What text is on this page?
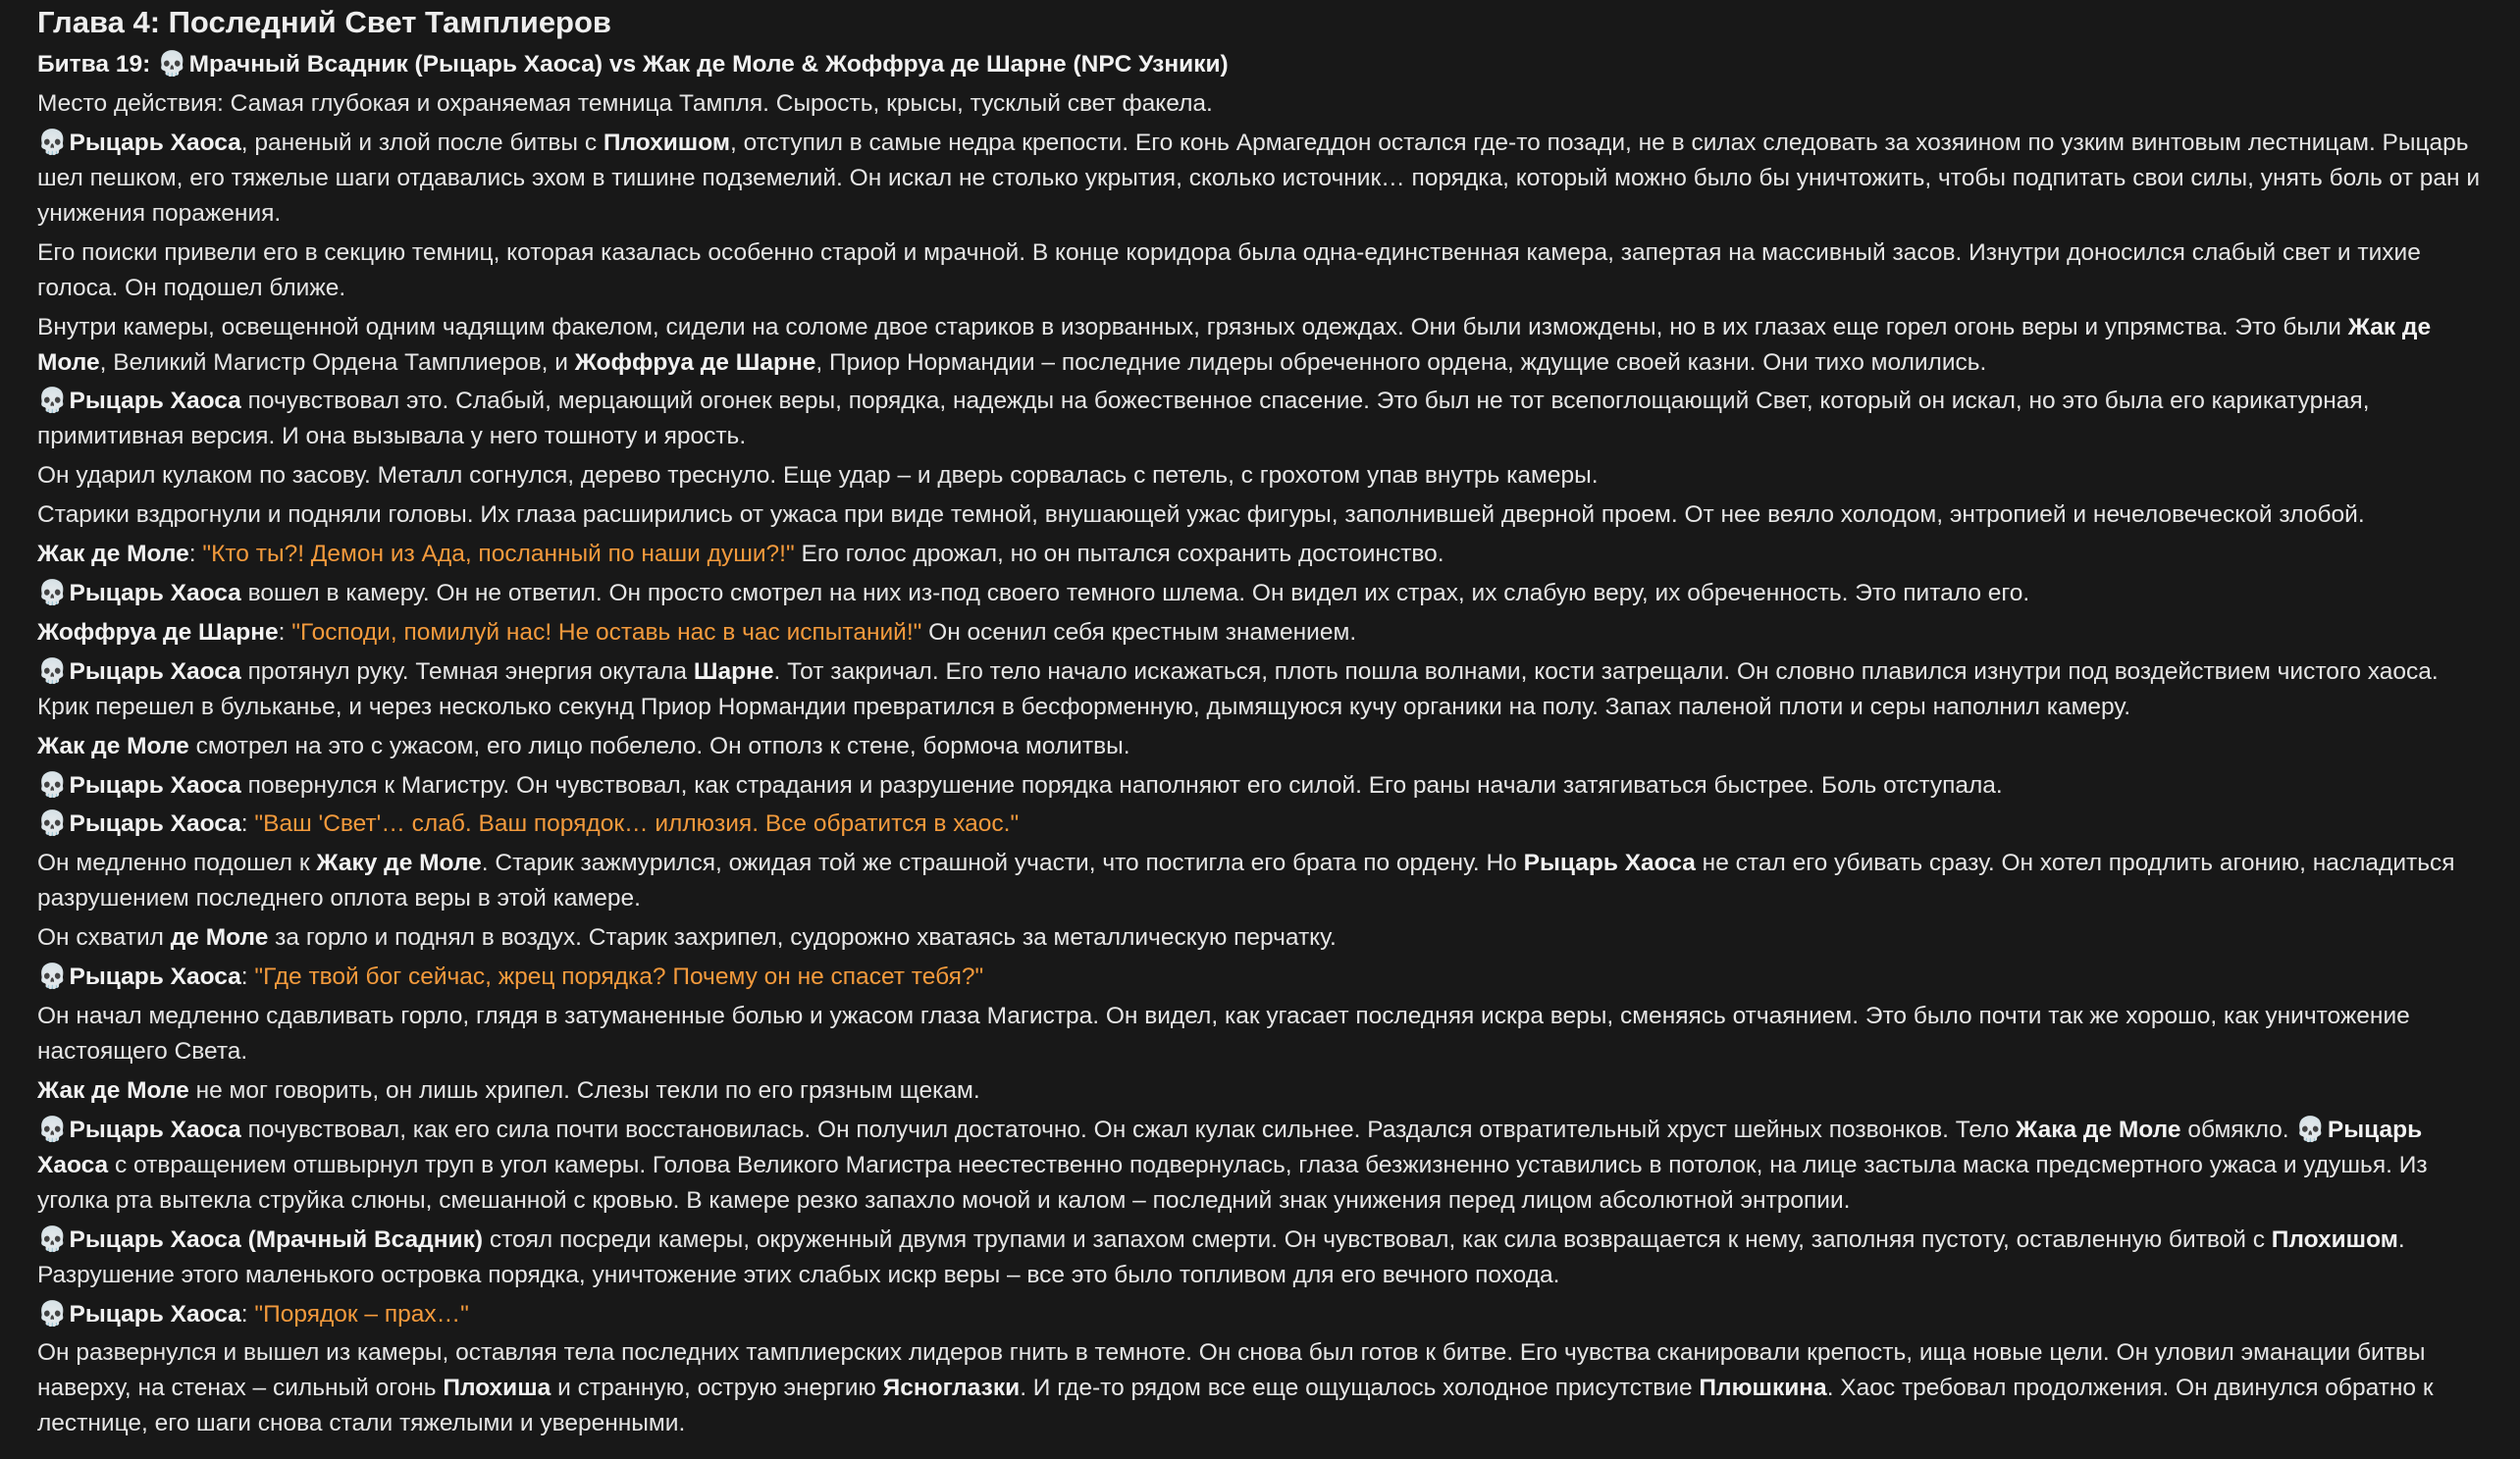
Глава 4: Последний Свет Тамплиеров

Битва 19: 💀 Мрачный Всадник (Рыцарь Хаоса) vs Жак де Моле & Жоффруа де Шарне (NPC Узники)

Место действия: Самая глубокая и охраняемая темница Тампля. Сырость, крысы, тусклый свет факела.

💀 Рыцарь Хаоса, раненый и злой после битвы с Плохишом, отступил в самые недра крепости. Его конь Армагеддон остался где-то позади, не в силах следовать за хозяином по узким винтовым лестницам. Рыцарь шел пешком, его тяжелые шаги отдавались эхом в тишине подземелий. Он искал не столько укрытия, сколько источник… порядка, который можно было бы уничтожить, чтобы подпитать свои силы, унять боль от ран и унижения поражения.

Его поиски привели его в секцию темниц, которая казалась особенно старой и мрачной. В конце коридора была одна-единственная камера, запертая на массивный засов. Изнутри доносился слабый свет и тихие голоса. Он подошел ближе.

Внутри камеры, освещенной одним чадящим факелом, сидели на соломе двое стариков в изорванных, грязных одеждах. Они были измождены, но в их глазах еще горел огонь веры и упрямства. Это были Жак де Моле, Великий Магистр Ордена Тамплиеров, и Жоффруа де Шарне, Приор Нормандии – последние лидеры обреченного ордена, ждущие своей казни. Они тихо молились.

💀 Рыцарь Хаоса почувствовал это. Слабый, мерцающий огонек веры, порядка, надежды на божественное спасение. Это был не тот всепоглощающий Свет, который он искал, но это была его карикатурная, примитивная версия. И она вызывала у него тошноту и ярость.

Он ударил кулаком по засову. Металл согнулся, дерево треснуло. Еще удар – и дверь сорвалась с петель, с грохотом упав внутрь камеры.

Старики вздрогнули и подняли головы. Их глаза расширились от ужаса при виде темной, внушающей ужас фигуры, заполнившей дверной проем. От нее веяло холодом, энтропией и нечеловеческой злобой.

Жак де Моле: "Кто ты?! Демон из Ада, посланный по наши души?!" Его голос дрожал, но он пытался сохранить достоинство.

💀 Рыцарь Хаоса вошел в камеру. Он не ответил. Он просто смотрел на них из-под своего темного шлема. Он видел их страх, их слабую веру, их обреченность. Это питало его.

Жоффруа де Шарне: "Господи, помилуй нас! Не оставь нас в час испытаний!" Он осенил себя крестным знамением.

💀 Рыцарь Хаоса протянул руку. Темная энергия окутала Шарне. Тот закричал. Его тело начало искажаться, плоть пошла волнами, кости затрещали. Он словно плавился изнутри под воздействием чистого хаоса. Крик перешел в бульканье, и через несколько секунд Приор Нормандии превратился в бесформенную, дымящуюся кучу органики на полу. Запах паленой плоти и серы наполнил камеру.

Жак де Моле смотрел на это с ужасом, его лицо побелело. Он отполз к стене, бормоча молитвы.

💀 Рыцарь Хаоса повернулся к Магистру. Он чувствовал, как страдания и разрушение порядка наполняют его силой. Его раны начали затягиваться быстрее. Боль отступала.

💀 Рыцарь Хаоса: "Ваш 'Свет'… слаб. Ваш порядок… иллюзия. Все обратится в хаос."

Он медленно подошел к Жаку де Моле. Старик зажмурился, ожидая той же страшной участи, что постигла его брата по ордену. Но Рыцарь Хаоса не стал его убивать сразу. Он хотел продлить агонию, насладиться разрушением последнего оплота веры в этой камере.

Он схватил де Моле за горло и поднял в воздух. Старик захрипел, судорожно хватаясь за металлическую перчатку.

💀 Рыцарь Хаоса: "Где твой бог сейчас, жрец порядка? Почему он не спасет тебя?"

Он начал медленно сдавливать горло, глядя в затуманенные болью и ужасом глаза Магистра. Он видел, как угасает последняя искра веры, сменяясь отчаянием. Это было почти так же хорошо, как уничтожение настоящего Света.

Жак де Моле не мог говорить, он лишь хрипел. Слезы текли по его грязным щекам.

💀 Рыцарь Хаоса почувствовал, как его сила почти восстановилась. Он получил достаточно. Он сжал кулак сильнее. Раздался отвратительный хруст шейных позвонков. Тело Жака де Моле обмякло. 💀 Рыцарь Хаоса с отвращением отшвырнул труп в угол камеры. Голова Великого Магистра неестественно подвернулась, глаза безжизненно уставились в потолок, на лице застыла маска предсмертного ужаса и удушья. Из уголка рта вытекла струйка слюны, смешанной с кровью. В камере резко запахло мочой и калом – последний знак унижения перед лицом абсолютной энтропии.

💀 Рыцарь Хаоса (Мрачный Всадник) стоял посреди камеры, окруженный двумя трупами и запахом смерти. Он чувствовал, как сила возвращается к нему, заполняя пустоту, оставленную битвой с Плохишом. Разрушение этого маленького островка порядка, уничтожение этих слабых искр веры – все это было топливом для его вечного похода.

💀 Рыцарь Хаоса: "Порядок – прах…"

Он развернулся и вышел из камеры, оставляя тела последних тамплиерских лидеров гнить в темноте. Он снова был готов к битве. Его чувства сканировали крепость, ища новые цели. Он уловил эманации битвы наверху, на стенах – сильный огонь Плохиша и странную, острую энергию Ясноглазки. И где-то рядом все еще ощущалось холодное присутствие Плюшкина. Хаос требовал продолжения. Он двинулся обратно к лестнице, его шаги снова стали тяжелыми и уверенными.
